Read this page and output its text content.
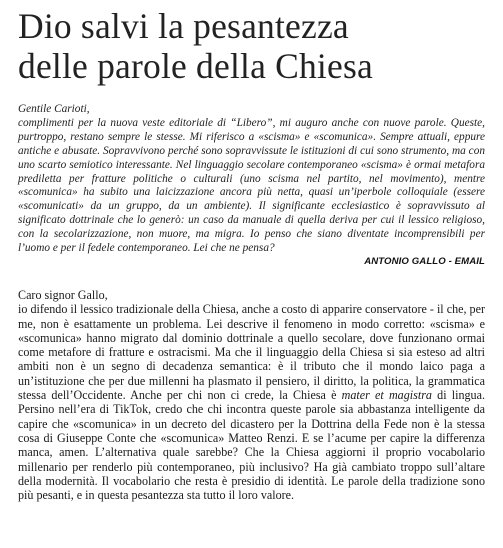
Dio salvi la pesantezza
delle parole della Chiesa

Gentile Carioti,

complimenti per la nuova veste editoriale di “Libero”, mi auguro anche con nuove parole. Queste, purtroppo, restano sempre le stesse. Mi riferisco a «scisma» e «scomunica». Sempre attuali, eppure antiche e abusate. Sopravvivono perché sono sopravvissute le istituzioni di cui sono strumento, ma con uno scarto semiotico interessante. Nel linguaggio secolare contemporaneo «scisma» è ormai metafora prediletta per fratture politiche o culturali (uno scisma nel partito, nel movimento), mentre «scomunica» ha subito una laicizzazione ancora più netta, quasi un’iperbole colloquiale (essere «scomunicati» da un gruppo, da un ambiente). Il significante ecclesiastico è sopravvissuto al significato dottrinale che lo generò: un caso da manuale di quella deriva per cui il lessico religioso, con la secolarizzazione, non muore, ma migra. Io penso che siano diventate incomprensibili per l’uomo e per il fedele contemporaneo. Lei che ne pensa?

ANTONIO GALLO - EMAIL

Caro signor Gallo,

io difendo il lessico tradizionale della Chiesa, anche a costo di apparire conservatore - il che, per me, non è esattamente un problema. Lei descrive il fenomeno in modo corretto: «scisma» e «scomunica» hanno migrato dal dominio dottrinale a quello secolare, dove funzionano ormai come metafore di fratture e ostracismi. Ma che il linguaggio della Chiesa si sia esteso ad altri ambiti non è un segno di decadenza semantica: è il tributo che il mondo laico paga a un’istituzione che per due millenni ha plasmato il pensiero, il diritto, la politica, la grammatica stessa dell’Occidente. Anche per chi non ci crede, la Chiesa è mater et magistra di lingua. Persino nell’era di TikTok, credo che chi incontra queste parole sia abbastanza intelligente da capire che «scomunica» in un decreto del dicastero per la Dottrina della Fede non è la stessa cosa di Giuseppe Conte che «scomunica» Matteo Renzi. E se l’acume per capire la differenza manca, amen. L’alternativa quale sarebbe? Che la Chiesa aggiorni il proprio vocabolario millenario per renderlo più contemporaneo, più inclusivo? Ha già cambiato troppo sull’altare della modernità. Il vocabolario che resta è presidio di identità. Le parole della tradizione sono più pesanti, e in questa pesantezza sta tutto il loro valore.
